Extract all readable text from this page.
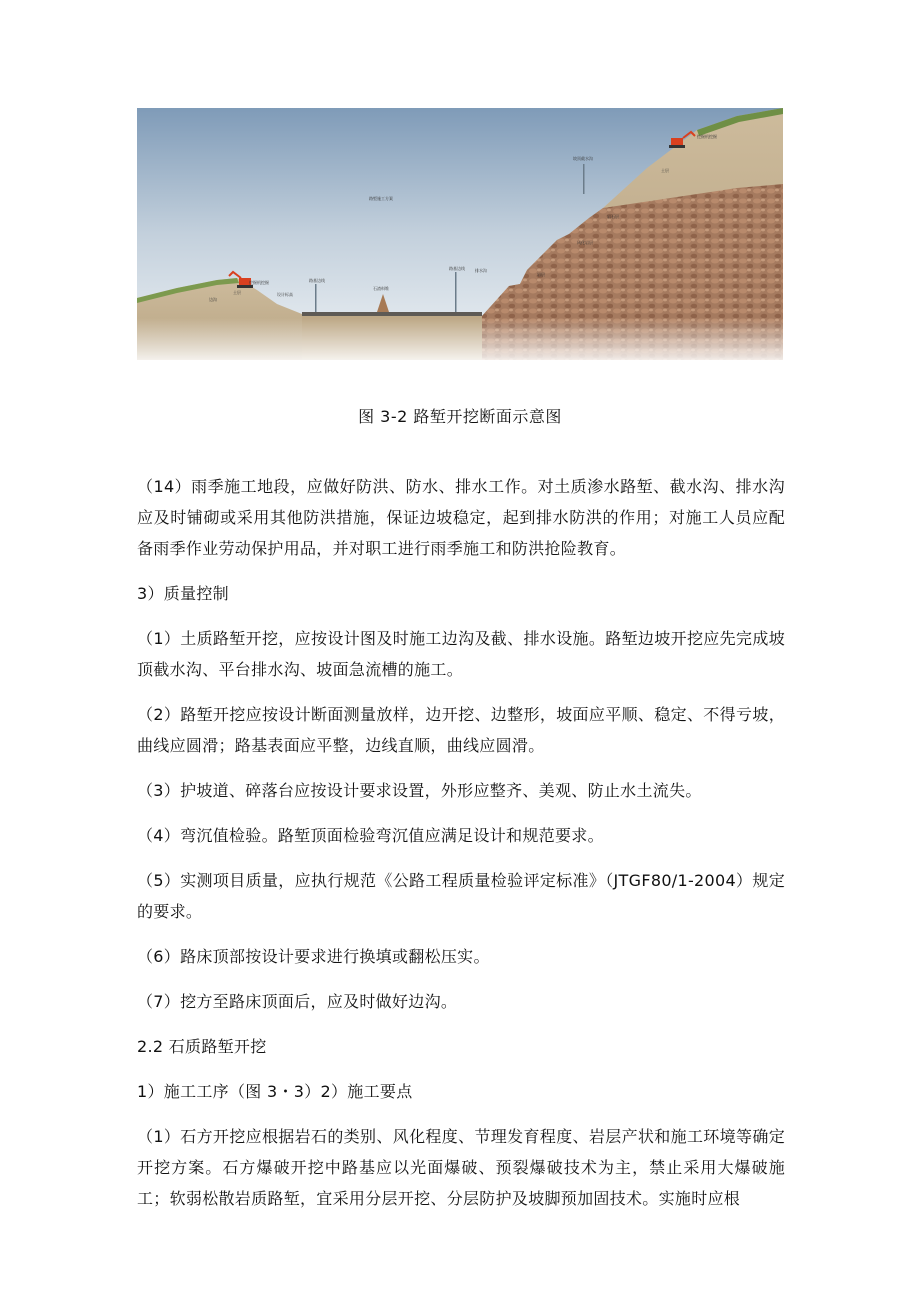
路堑施工方案
挖掘机挖掘
土层
边沟
路基边线
设计标高
石渣料堆
路基边线	排水沟
坡顶截水沟
挖掘机挖掘
土层
岩石层
风化岩层
岩层
图 3-2 路堑开挖断面示意图

（14）雨季施工地段，应做好防洪、防水、排水工作。对土质渗水路堑、截水沟、排水沟应及时铺砌或采用其他防洪措施，保证边坡稳定，起到排水防洪的作用；对施工人员应配备雨季作业劳动保护用品，并对职工进行雨季施工和防洪抢险教育。

3）质量控制

（1）土质路堑开挖，应按设计图及时施工边沟及截、排水设施。路堑边坡开挖应先完成坡顶截水沟、平台排水沟、坡面急流槽的施工。

（2）路堑开挖应按设计断面测量放样，边开挖、边整形，坡面应平顺、稳定、不得亏坡，曲线应圆滑；路基表面应平整，边线直顺，曲线应圆滑。

（3）护坡道、碎落台应按设计要求设置，外形应整齐、美观、防止水土流失。

（4）弯沉值检验。路堑顶面检验弯沉值应满足设计和规范要求。

（5）实测项目质量，应执行规范《公路工程质量检验评定标准》（JTGF80/1-2004）规定的要求。

（6）路床顶部按设计要求进行换填或翻松压实。

（7）挖方至路床顶面后，应及时做好边沟。

2.2 石质路堑开挖

1）施工工序（图 3・3）2）施工要点

（1）石方开挖应根据岩石的类别、风化程度、节理发育程度、岩层产状和施工环境等确定开挖方案。石方爆破开挖中路基应以光面爆破、预裂爆破技术为主，禁止采用大爆破施工；软弱松散岩质路堑，宜采用分层开挖、分层防护及坡脚预加固技术。实施时应根
